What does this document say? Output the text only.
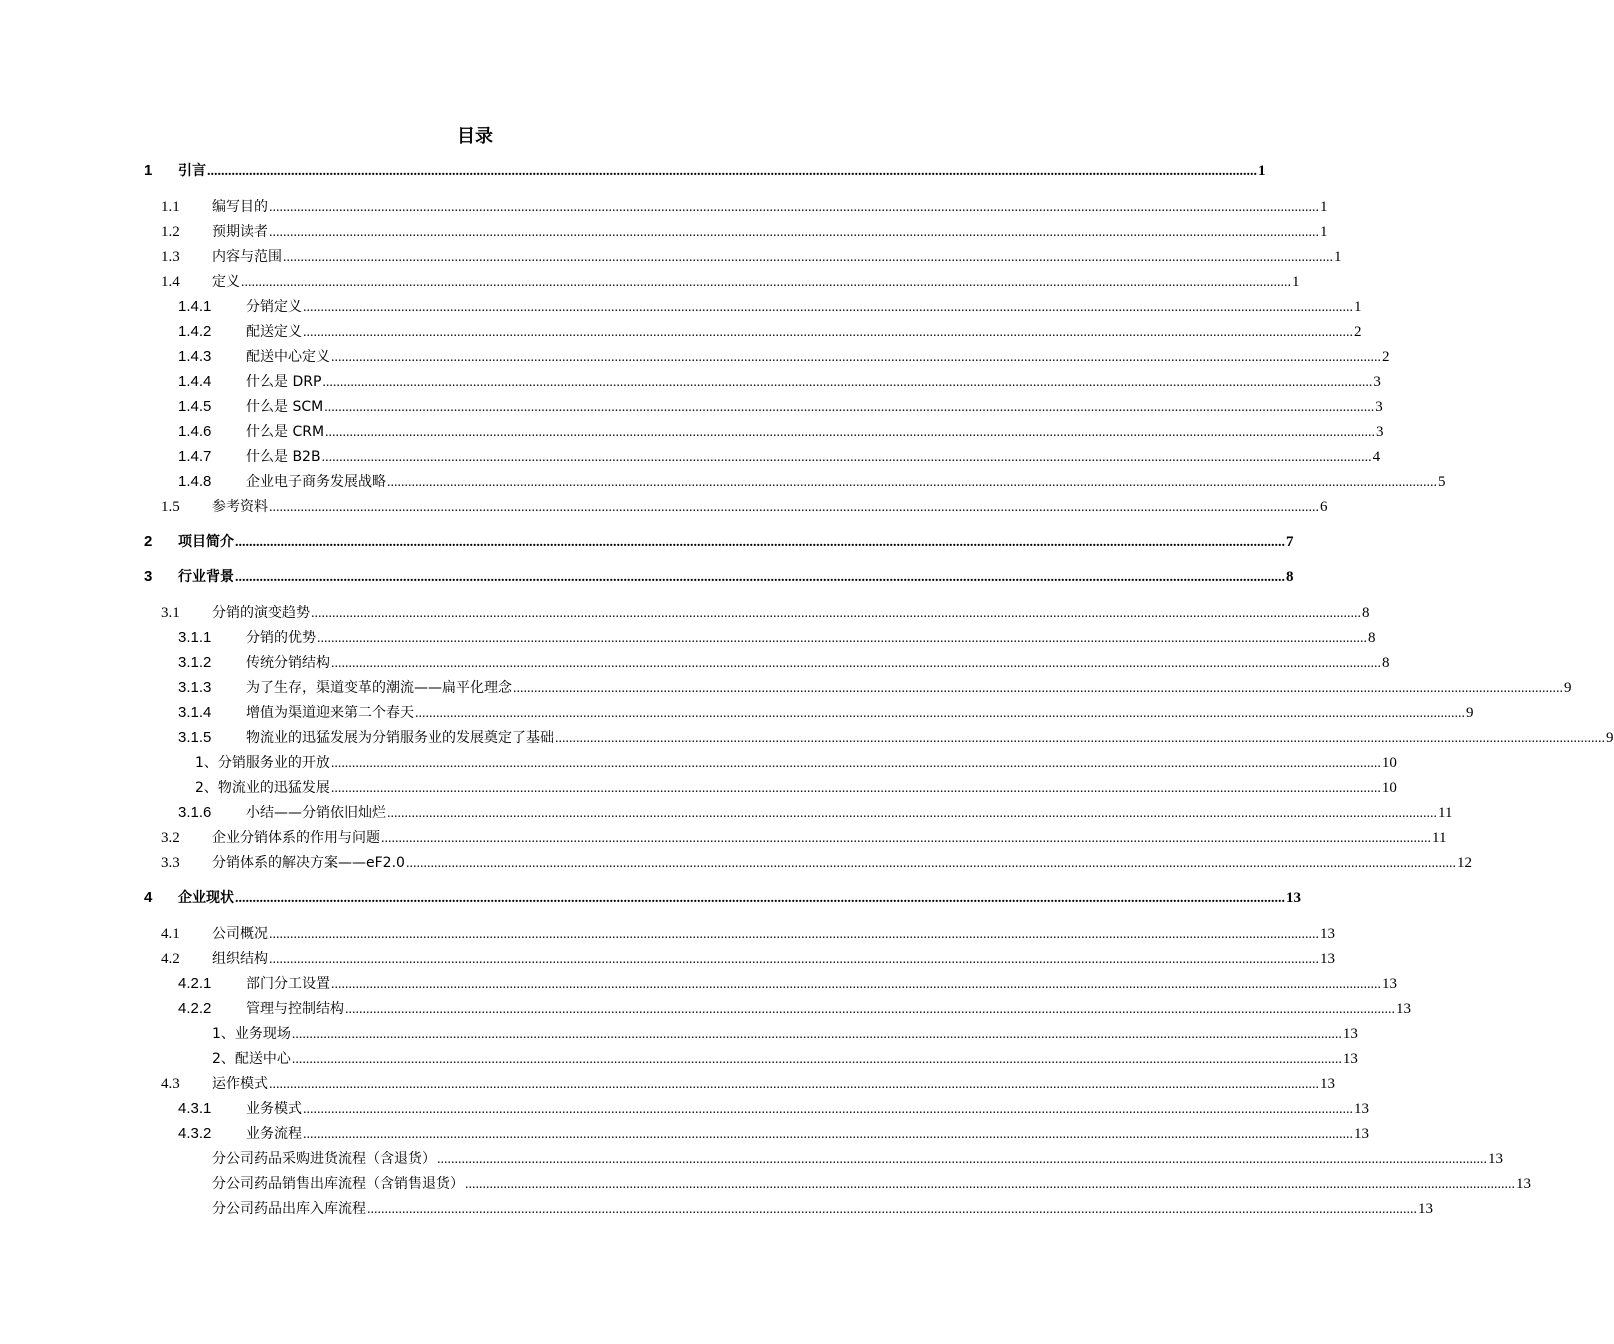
目录
1 引言 ............................................................................................................................................................................................................................................................................................................ 1
1.1 编写目的 ............................................................................................................................................................................................................................................................................................................ 1
1.2 预期读者 ............................................................................................................................................................................................................................................................................................................ 1
1.3 内容与范围 ............................................................................................................................................................................................................................................................................................................ 1
1.4 定义 ............................................................................................................................................................................................................................................................................................................ 1
1.4.1 分销定义 ............................................................................................................................................................................................................................................................................................................ 1
1.4.2 配送定义 ............................................................................................................................................................................................................................................................................................................ 2
1.4.3 配送中心定义 ............................................................................................................................................................................................................................................................................................................ 2
1.4.4 什么是 DRP ............................................................................................................................................................................................................................................................................................................ 3
1.4.5 什么是 SCM ............................................................................................................................................................................................................................................................................................................ 3
1.4.6 什么是 CRM ............................................................................................................................................................................................................................................................................................................ 3
1.4.7 什么是 B2B ............................................................................................................................................................................................................................................................................................................ 4
1.4.8 企业电子商务发展战略 ............................................................................................................................................................................................................................................................................................................ 5
1.5 参考资料 ............................................................................................................................................................................................................................................................................................................ 6
2 项目简介 ............................................................................................................................................................................................................................................................................................................ 7
3 行业背景 ............................................................................................................................................................................................................................................................................................................ 8
3.1 分销的演变趋势 ............................................................................................................................................................................................................................................................................................................ 8
3.1.1 分销的优势 ............................................................................................................................................................................................................................................................................................................ 8
3.1.2 传统分销结构 ............................................................................................................................................................................................................................................................................................................ 8
3.1.3 为了生存，渠道变革的潮流——扁平化理念 ............................................................................................................................................................................................................................................................................................................ 9
3.1.4 增值为渠道迎来第二个春天 ............................................................................................................................................................................................................................................................................................................ 9
3.1.5 物流业的迅猛发展为分销服务业的发展奠定了基础 ............................................................................................................................................................................................................................................................................................................ 9
1、分销服务业的开放 ............................................................................................................................................................................................................................................................................................................ 10
2、物流业的迅猛发展 ............................................................................................................................................................................................................................................................................................................ 10
3.1.6 小结——分销依旧灿烂 ............................................................................................................................................................................................................................................................................................................ 11
3.2 企业分销体系的作用与问题 ............................................................................................................................................................................................................................................................................................................ 11
3.3 分销体系的解决方案——eF2.0 ............................................................................................................................................................................................................................................................................................................ 12
4 企业现状 ............................................................................................................................................................................................................................................................................................................ 13
4.1 公司概况 ............................................................................................................................................................................................................................................................................................................ 13
4.2 组织结构 ............................................................................................................................................................................................................................................................................................................ 13
4.2.1 部门分工设置 ............................................................................................................................................................................................................................................................................................................ 13
4.2.2 管理与控制结构 ............................................................................................................................................................................................................................................................................................................ 13
1、业务现场 ............................................................................................................................................................................................................................................................................................................ 13
2、配送中心 ............................................................................................................................................................................................................................................................................................................ 13
4.3 运作模式 ............................................................................................................................................................................................................................................................................................................ 13
4.3.1 业务模式 ............................................................................................................................................................................................................................................................................................................ 13
4.3.2 业务流程 ............................................................................................................................................................................................................................................................................................................ 13
分公司药品采购进货流程（含退货） ............................................................................................................................................................................................................................................................................................................ 13
分公司药品销售出库流程（含销售退货） ............................................................................................................................................................................................................................................................................................................ 13
分公司药品出库入库流程 ............................................................................................................................................................................................................................................................................................................ 13
